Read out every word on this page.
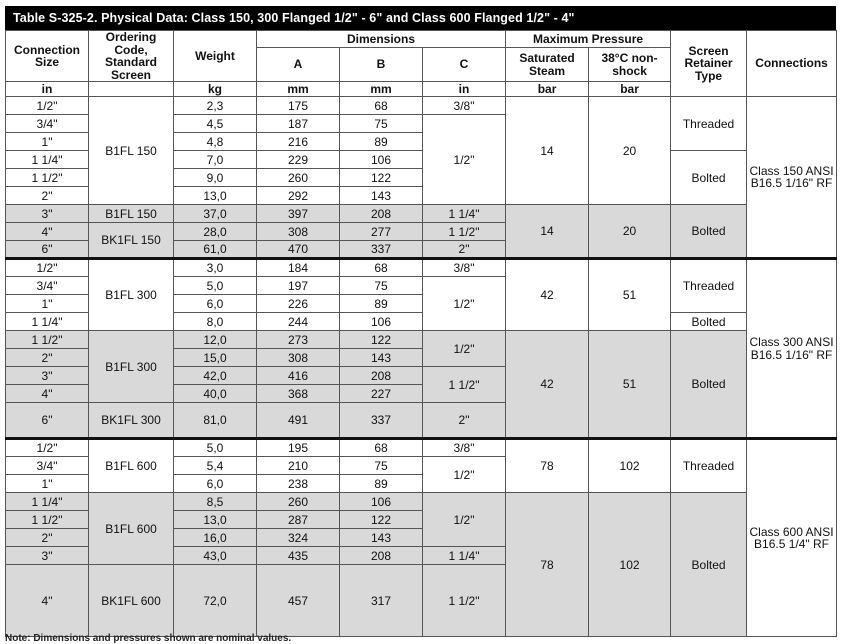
Table S-325-2. Physical Data: Class 150, 300 Flanged 1/2" - 6" and Class 600 Flanged 1/2" - 4"
Connection Size	Ordering Code, Standard Screen	Weight	Dimensions			Maximum Pressure		Screen Retainer Type	Connections
			A	B	C	Saturated Steam	38°C non-shock		
in									
		kg	mm	mm	in	bar	bar		
1/2"	B1FL 150	2,3	175	68	3/8"	14	20	Threaded	Class 150 ANSI B16.5 1/16" RF
3/4"		4,5	187	75	1/2"				
1"		4,8	216	89					
1 1/4"		7,0	229	106				Bolted	
1 1/2"		9,0	260	122					
2"		13,0	292	143					
3"	B1FL 150	37,0	397	208	1 1/4"	14	20	Bolted	
4"	BK1FL 150	28,0	308	277	1 1/2"				
6"		61,0	470	337	2"				
1/2"	B1FL 300	3,0	184	68	3/8"	42	51	Threaded	Class 300 ANSI B16.5 1/16" RF
3/4"		5,0	197	75	1/2"				
1"		6,0	226	89					
1 1/4"		8,0	244	106				Bolted	
1 1/2"	B1FL 300	12,0	273	122	1/2"	42	51	Bolted	
2"		15,0	308	143					
3"		42,0	416	208	1 1/2"				
4"		40,0	368	227					
6"	BK1FL 300	81,0	491	337	2"				

1/2"	B1FL 600	5,0	195	68	3/8"	78	102	Threaded	Class 600 ANSI B16.5 1/4" RF
3/4"		5,4	210	75	1/2"				
1"		6,0	238	89					
1 1/4"	B1FL 600	8,5	260	106	1/2"	78	102	Bolted	
1 1/2"		13,0	287	122					
2"		16,0	324	143					
3"		43,0	435	208	1 1/4"				
4"	BK1FL 600	72,0	457	317	1 1/2"				

Note: Dimensions and pressures shown are nominal values.
